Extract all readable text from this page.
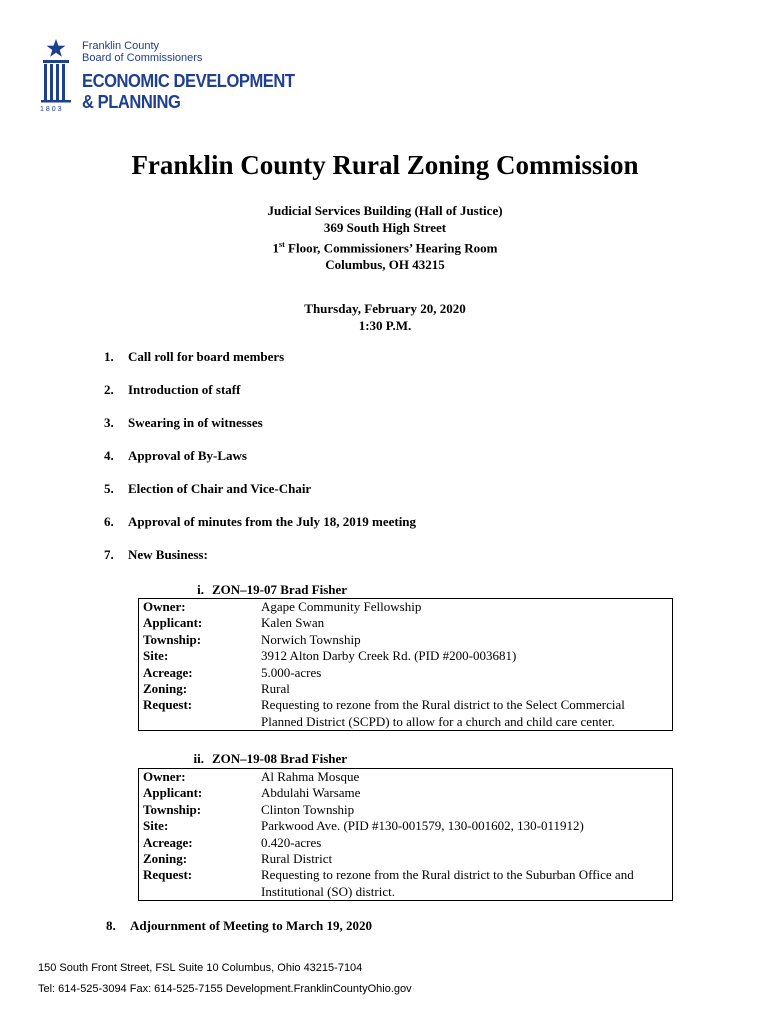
1803
Franklin County
Board of Commissioners
ECONOMIC DEVELOPMENT
& PLANNING
Franklin County Rural Zoning Commission
Judicial Services Building (Hall of Justice)
369 South High Street
1st Floor, Commissioners’ Hearing Room
Columbus, OH 43215
Thursday, February 20, 2020
1:30 P.M.
1. Call roll for board members
2. Introduction of staff
3. Swearing in of witnesses
4. Approval of By-Laws
5. Election of Chair and Vice-Chair
6. Approval of minutes from the July 18, 2019 meeting
7. New Business:
i. ZON–19-07 Brad Fisher
Owner:	Agape Community Fellowship
Applicant:	Kalen Swan
Township:	Norwich Township
Site:	3912 Alton Darby Creek Rd. (PID #200-003681)
Acreage:	5.000-acres
Zoning:	Rural
Request:	Requesting to rezone from the Rural district to the Select Commercial Planned District (SCPD) to allow for a church and child care center.
ii. ZON–19-08 Brad Fisher
Owner:	Al Rahma Mosque
Applicant:	Abdulahi Warsame
Township:	Clinton Township
Site:	Parkwood Ave. (PID #130-001579, 130-001602, 130-011912)
Acreage:	0.420-acres
Zoning:	Rural District
Request:	Requesting to rezone from the Rural district to the Suburban Office and Institutional (SO) district.
8. Adjournment of Meeting to March 19, 2020
150 South Front Street, FSL Suite 10 Columbus, Ohio 43215-7104
Tel: 614-525-3094 Fax: 614-525-7155 Development.FranklinCountyOhio.gov
